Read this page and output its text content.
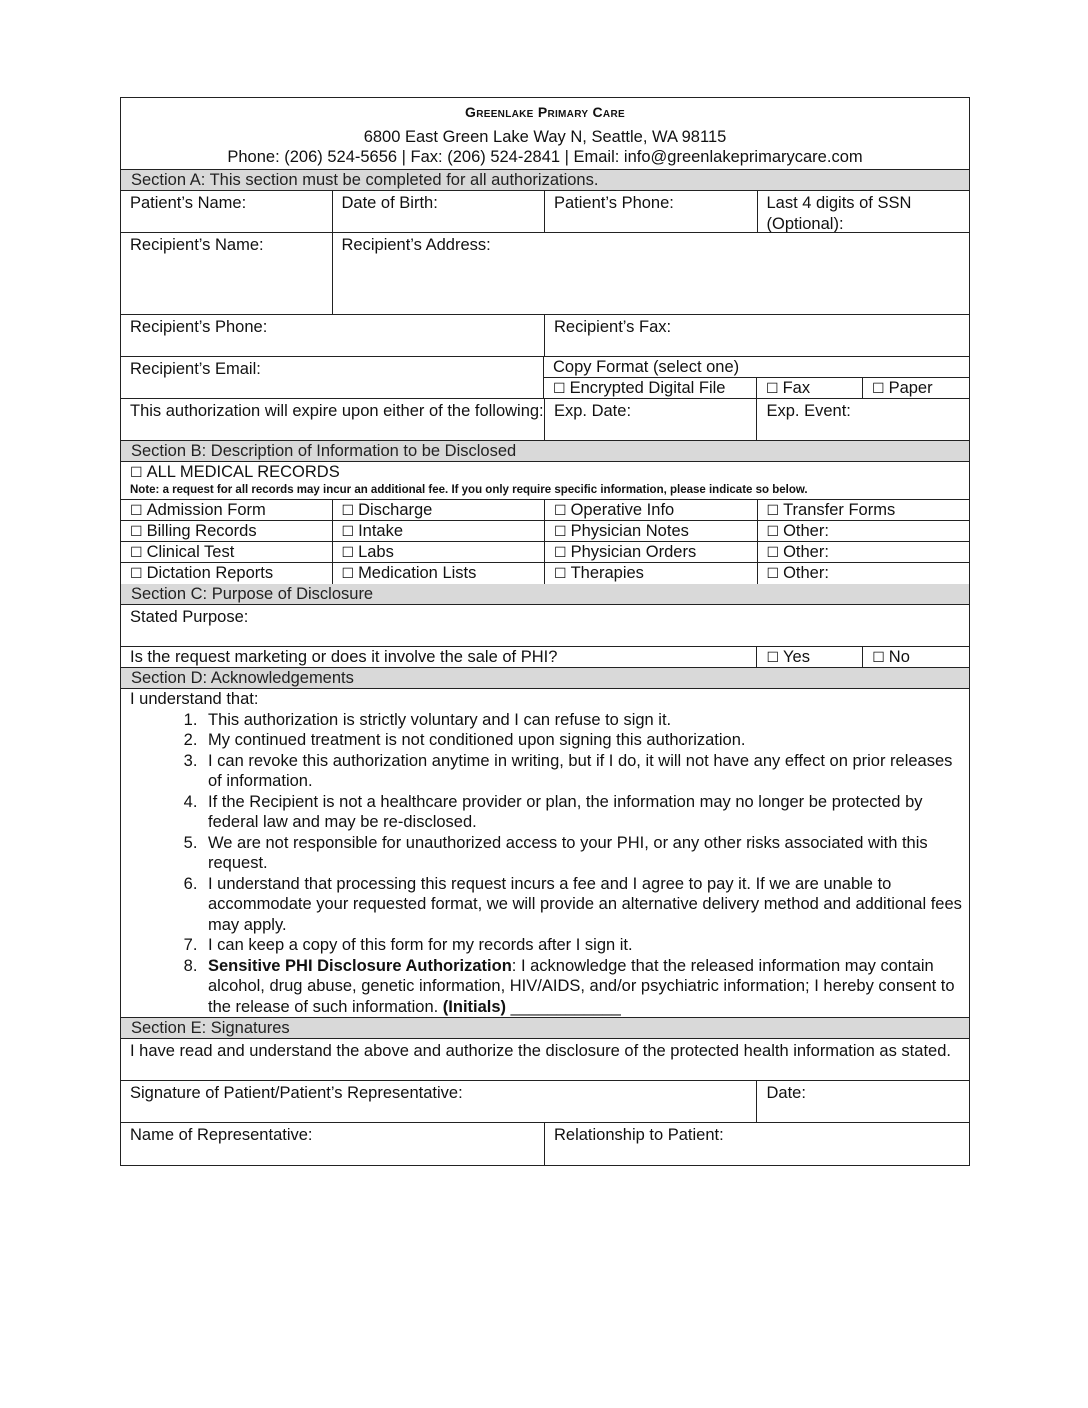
Greenlake Primary Care
6800 East Green Lake Way N, Seattle, WA 98115
Phone: (206) 524-5656 | Fax: (206) 524-2841 | Email: info@greenlakeprimarycare.com
Section A: This section must be completed for all authorizations.
Patient’s Name:	Date of Birth:	Patient’s Phone:	Last 4 digits of SSN (Optional):
Recipient’s Name:	Recipient’s Address:
Recipient’s Phone:	Recipient’s Fax:
Recipient’s Email:	Copy Format (select one)
☐ Encrypted Digital File	☐ Fax	☐ Paper
This authorization will expire upon either of the following: Exp. Date:	Exp. Event:
Section B: Description of Information to be Disclosed
☐ ALL MEDICAL RECORDS
Note: a request for all records may incur an additional fee. If you only require specific information, please indicate so below.
☐ Admission Form	☐ Discharge	☐ Operative Info	☐ Transfer Forms
☐ Billing Records	☐ Intake	☐ Physician Notes	☐ Other:
☐ Clinical Test	☐ Labs	☐ Physician Orders	☐ Other:
☐ Dictation Reports	☐ Medication Lists	☐ Therapies	☐ Other:
Section C: Purpose of Disclosure
Stated Purpose:
Is the request marketing or does it involve the sale of PHI?	☐ Yes	☐ No
Section D: Acknowledgements
I understand that:
1. This authorization is strictly voluntary and I can refuse to sign it.
2. My continued treatment is not conditioned upon signing this authorization.
3. I can revoke this authorization anytime in writing, but if I do, it will not have any effect on prior releases of information.
4. If the Recipient is not a healthcare provider or plan, the information may no longer be protected by federal law and may be re-disclosed.
5. We are not responsible for unauthorized access to your PHI, or any other risks associated with this request.
6. I understand that processing this request incurs a fee and I agree to pay it. If we are unable to accommodate your requested format, we will provide an alternative delivery method and additional fees may apply.
7. I can keep a copy of this form for my records after I sign it.
8. Sensitive PHI Disclosure Authorization: I acknowledge that the released information may contain alcohol, drug abuse, genetic information, HIV/AIDS, and/or psychiatric information; I hereby consent to the release of such information. (Initials) ____________
Section E: Signatures
I have read and understand the above and authorize the disclosure of the protected health information as stated.
Signature of Patient/Patient’s Representative:	Date:
Name of Representative:	Relationship to Patient:
